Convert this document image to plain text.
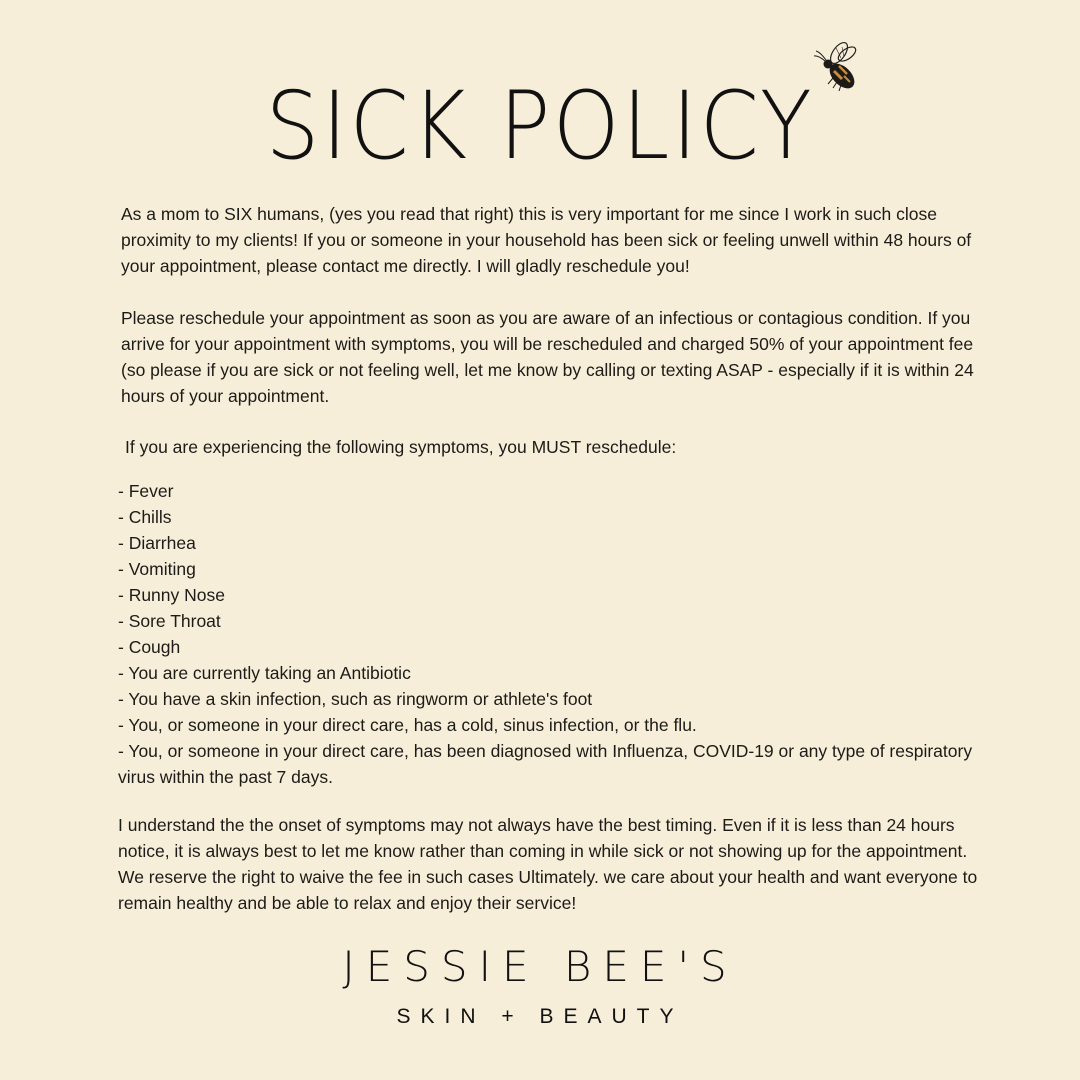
SICK POLICY

As a mom to SIX humans, (yes you read that right) this is very important for me since I work in such close proximity to my clients! If you or someone in your household has been sick or feeling unwell within 48 hours of your appointment, please contact me directly. I will gladly reschedule you!

Please reschedule your appointment as soon as you are aware of an infectious or contagious condition. If you arrive for your appointment with symptoms, you will be rescheduled and charged 50% of your appointment fee (so please if you are sick or not feeling well, let me know by calling or texting ASAP - especially if it is within 24 hours of your appointment.

If you are experiencing the following symptoms, you MUST reschedule:

- Fever
- Chills
- Diarrhea
- Vomiting
- Runny Nose
- Sore Throat
- Cough
- You are currently taking an Antibiotic
- You have a skin infection, such as ringworm or athlete's foot
- You, or someone in your direct care, has a cold, sinus infection, or the flu.
- You, or someone in your direct care, has been diagnosed with Influenza, COVID-19 or any type of respiratory virus within the past 7 days.

I understand the the onset of symptoms may not always have the best timing. Even if it is less than 24 hours notice, it is always best to let me know rather than coming in while sick or not showing up for the appointment. We reserve the right to waive the fee in such cases Ultimately. we care about your health and want everyone to remain healthy and be able to relax and enjoy their service!

JESSIE BEE'S
SKIN + BEAUTY
